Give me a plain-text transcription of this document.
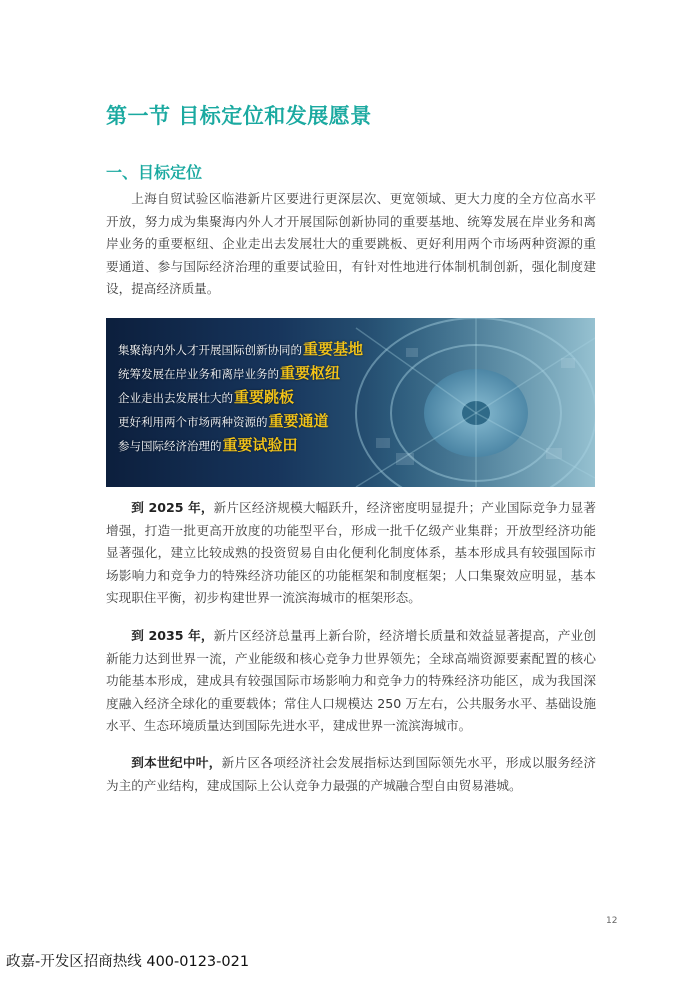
第一节 目标定位和发展愿景
一、目标定位

上海自贸试验区临港新片区要进行更深层次、更宽领域、更大力度的全方位高水平开放，努力成为集聚海内外人才开展国际创新协同的重要基地、统筹发展在岸业务和离岸业务的重要枢纽、企业走出去发展壮大的重要跳板、更好利用两个市场两种资源的重要通道、参与国际经济治理的重要试验田，有针对性地进行体制机制创新，强化制度建设，提高经济质量。

集聚海内外人才开展国际创新协同的 重要基地
统筹发展在岸业务和离岸业务的 重要枢纽
企业走出去发展壮大的 重要跳板
更好利用两个市场两种资源的 重要通道
参与国际经济治理的 重要试验田

到 2025 年，新片区经济规模大幅跃升，经济密度明显提升；产业国际竞争力显著增强，打造一批更高开放度的功能型平台，形成一批千亿级产业集群；开放型经济功能显著强化，建立比较成熟的投资贸易自由化便利化制度体系，基本形成具有较强国际市场影响力和竞争力的特殊经济功能区的功能框架和制度框架；人口集聚效应明显，基本实现职住平衡，初步构建世界一流滨海城市的框架形态。

到 2035 年，新片区经济总量再上新台阶，经济增长质量和效益显著提高，产业创新能力达到世界一流，产业能级和核心竞争力世界领先；全球高端资源要素配置的核心功能基本形成，建成具有较强国际市场影响力和竞争力的特殊经济功能区，成为我国深度融入经济全球化的重要载体；常住人口规模达 250 万左右，公共服务水平、基础设施水平、生态环境质量达到国际先进水平，建成世界一流滨海城市。

到本世纪中叶，新片区各项经济社会发展指标达到国际领先水平，形成以服务经济为主的产业结构，建成国际上公认竞争力最强的产城融合型自由贸易港城。

12
政嘉-开发区招商热线 400-0123-021
